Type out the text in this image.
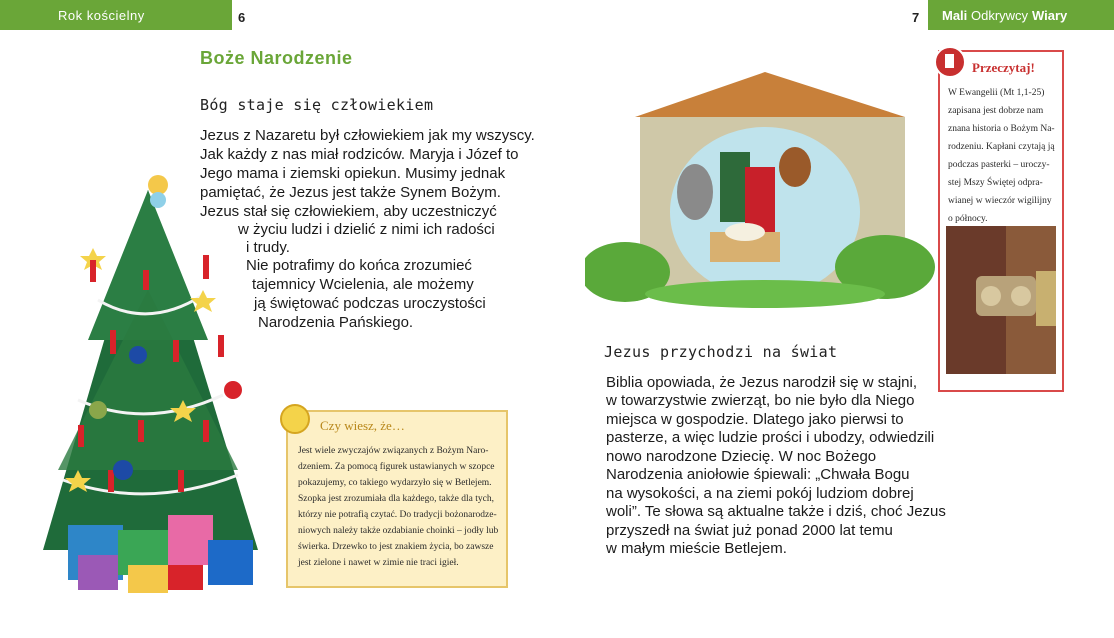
Rok kościelny	6	7 Mali Odkrywcy Wiary
Boże Narodzenie
Bóg staje się człowiekiem
Jezus z Nazaretu był człowiekiem jak my wszyscy.
Jak każdy z nas miał rodziców. Maryja i Józef to
Jego mama i ziemski opiekun. Musimy jednak
pamiętać, że Jezus jest także Synem Bożym.
Jezus stał się człowiekiem, aby uczestniczyć
w życiu ludzi i dzielić z nimi ich radości
i trudy.
Nie potrafimy do końca zrozumieć
tajemnicy Wcielenia, ale możemy
ją świętować podczas uroczystości
Narodzenia Pańskiego.
Czy wiesz, że…
Jest wiele zwyczajów związanych z Bożym Naro-
dzeniem. Za pomocą figurek ustawianych w szopce
pokazujemy, co takiego wydarzyło się w Betlejem.
Szopka jest zrozumiała dla każdego, także dla tych,
którzy nie potrafią czytać. Do tradycji bożonarodze-
niowych należy także ozdabianie choinki – jodły lub
świerka. Drzewko to jest znakiem życia, bo zawsze
jest zielone i nawet w zimie nie traci igieł.
Jezus przychodzi na świat
Biblia opowiada, że Jezus narodził się w stajni,
w towarzystwie zwierząt, bo nie było dla Niego
miejsca w gospodzie. Dlatego jako pierwsi to
pasterze, a więc ludzie prości i ubodzy, odwiedzili
nowo narodzone Dziecię. W noc Bożego
Narodzenia aniołowie śpiewali: „Chwała Bogu
na wysokości, a na ziemi pokój ludziom dobrej
woli”. Te słowa są aktualne także i dziś, choć Jezus
przyszedł na świat już ponad 2000 lat temu
w małym mieście Betlejem.
Przeczytaj!
W Ewangelii (Mt 1,1-25)
zapisana jest dobrze nam
znana historia o Bożym Na-
rodzeniu. Kapłani czytają ją
podczas pasterki – uroczy-
stej Mszy Świętej odpra-
wianej w wieczór wigilijny
o północy.
